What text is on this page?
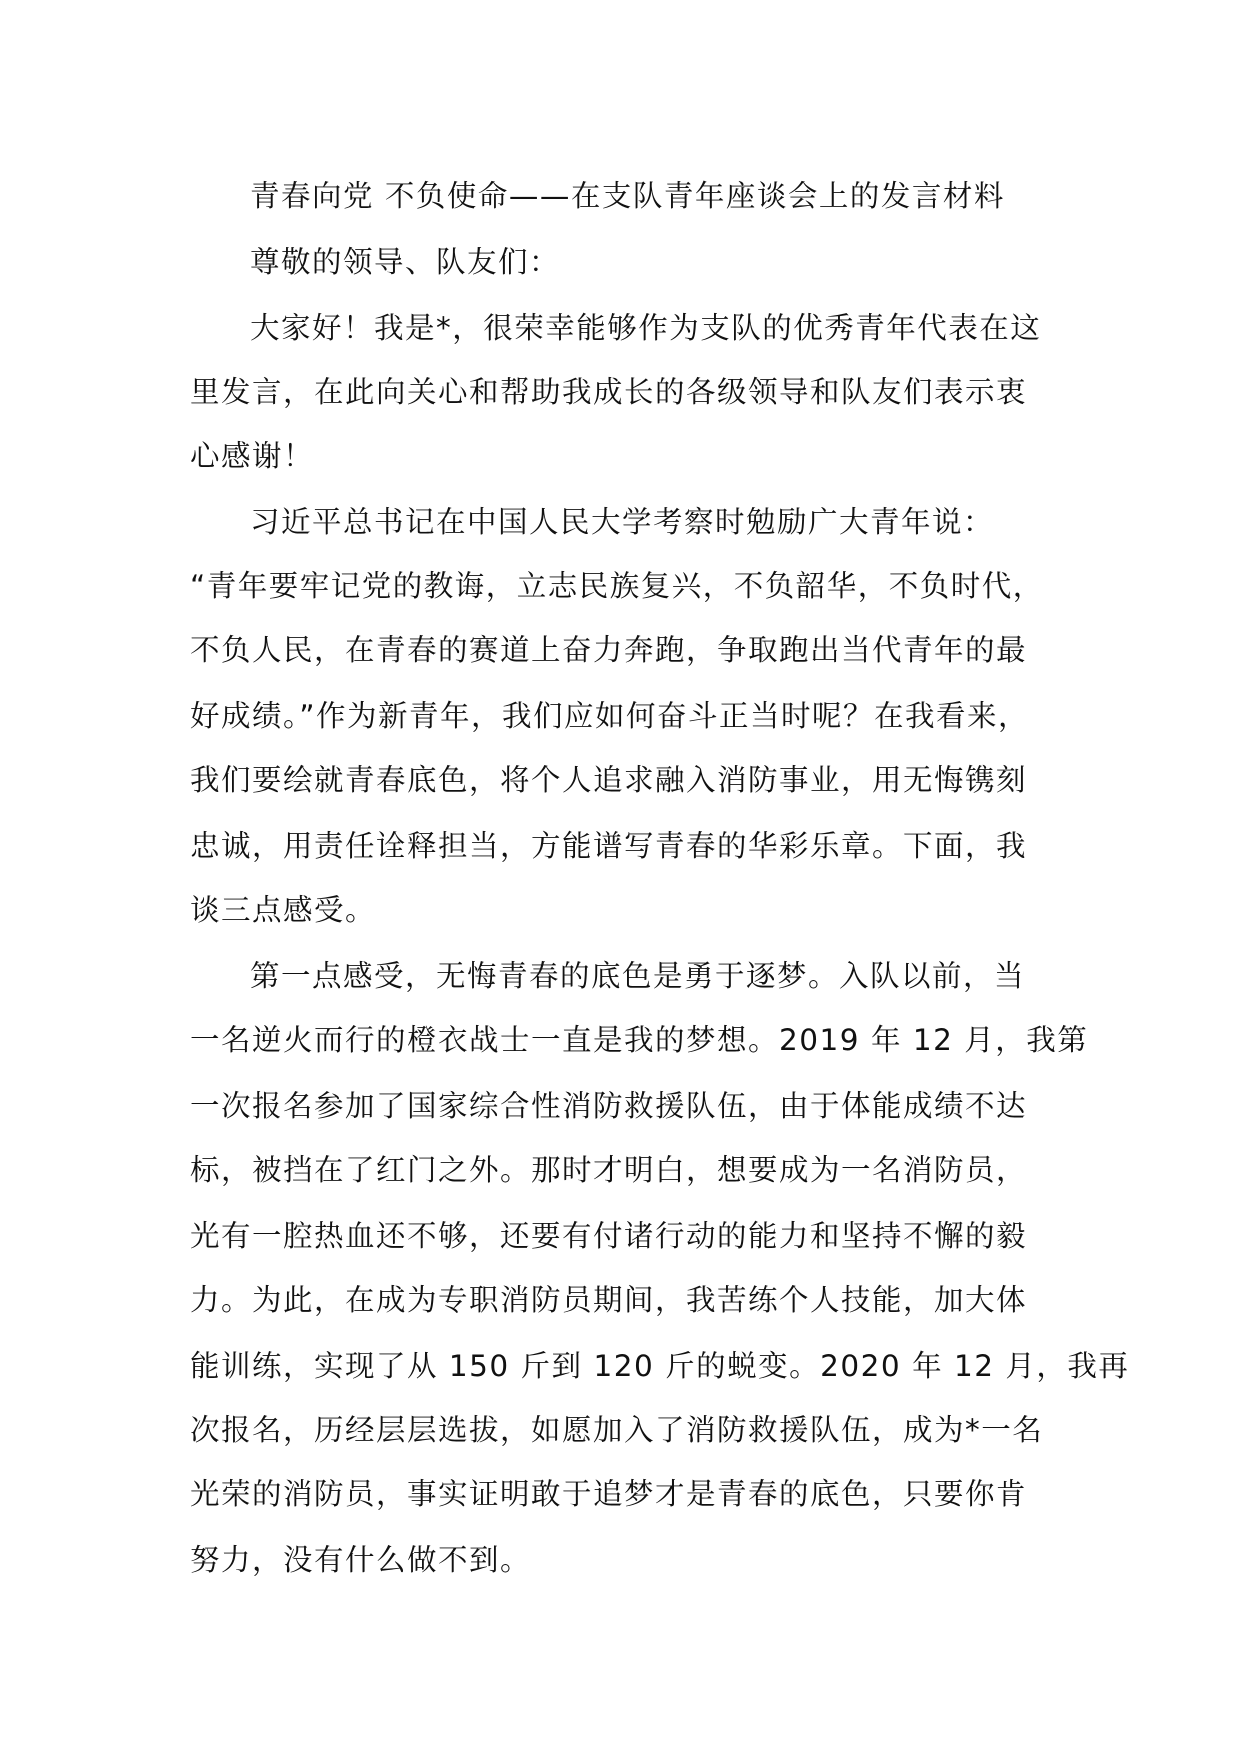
青春向党 不负使命——在支队青年座谈会上的发言材料
尊敬的领导、队友们：
大家好！我是*，很荣幸能够作为支队的优秀青年代表在这
里发言，在此向关心和帮助我成长的各级领导和队友们表示衷
心感谢！
习近平总书记在中国人民大学考察时勉励广大青年说：
“青年要牢记党的教诲，立志民族复兴，不负韶华，不负时代，
不负人民，在青春的赛道上奋力奔跑，争取跑出当代青年的最
好成绩。”作为新青年，我们应如何奋斗正当时呢？在我看来，
我们要绘就青春底色，将个人追求融入消防事业，用无悔镌刻
忠诚，用责任诠释担当，方能谱写青春的华彩乐章。下面，我
谈三点感受。
第一点感受，无悔青春的底色是勇于逐梦。入队以前，当
一名逆火而行的橙衣战士一直是我的梦想。2019 年 12 月，我第
一次报名参加了国家综合性消防救援队伍，由于体能成绩不达
标，被挡在了红门之外。那时才明白，想要成为一名消防员，
光有一腔热血还不够，还要有付诸行动的能力和坚持不懈的毅
力。为此，在成为专职消防员期间，我苦练个人技能，加大体
能训练，实现了从 150 斤到 120 斤的蜕变。2020 年 12 月，我再
次报名，历经层层选拔，如愿加入了消防救援队伍，成为*一名
光荣的消防员，事实证明敢于追梦才是青春的底色，只要你肯
努力，没有什么做不到。
